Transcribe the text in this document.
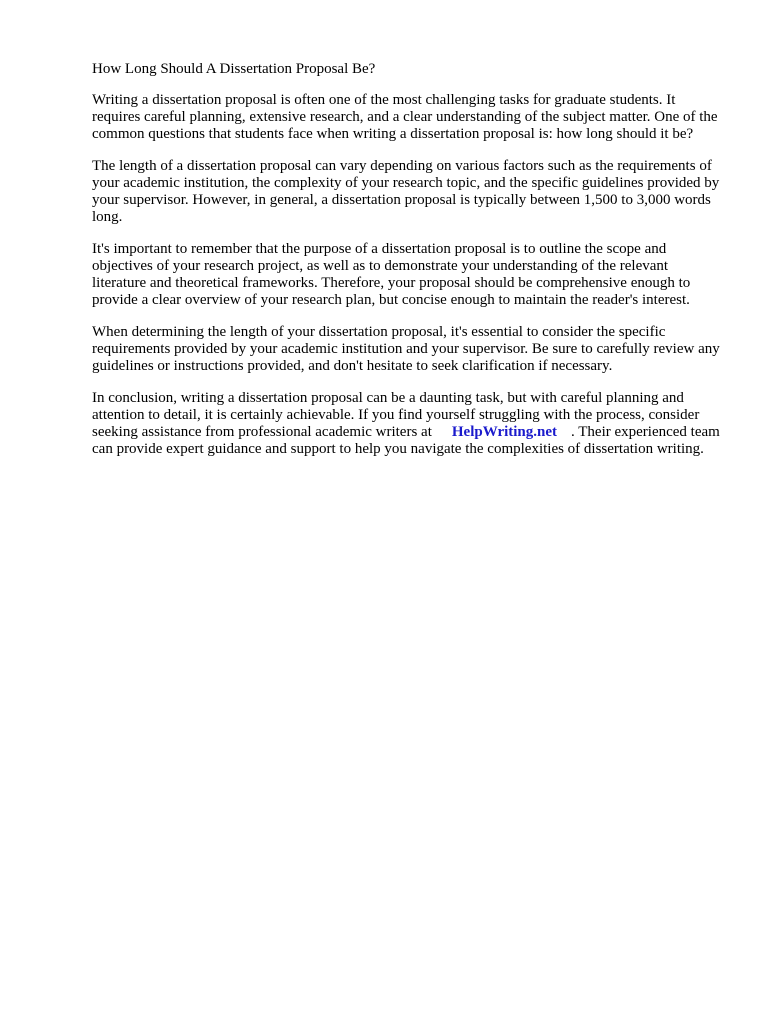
How Long Should A Dissertation Proposal Be?

Writing a dissertation proposal is often one of the most challenging tasks for graduate students. It requires careful planning, extensive research, and a clear understanding of the subject matter. One of the common questions that students face when writing a dissertation proposal is: how long should it be?

The length of a dissertation proposal can vary depending on various factors such as the requirements of your academic institution, the complexity of your research topic, and the specific guidelines provided by your supervisor. However, in general, a dissertation proposal is typically between 1,500 to 3,000 words long.

It's important to remember that the purpose of a dissertation proposal is to outline the scope and objectives of your research project, as well as to demonstrate your understanding of the relevant literature and theoretical frameworks. Therefore, your proposal should be comprehensive enough to provide a clear overview of your research plan, but concise enough to maintain the reader's interest.

When determining the length of your dissertation proposal, it's essential to consider the specific requirements provided by your academic institution and your supervisor. Be sure to carefully review any guidelines or instructions provided, and don't hesitate to seek clarification if necessary.

In conclusion, writing a dissertation proposal can be a daunting task, but with careful planning and attention to detail, it is certainly achievable. If you find yourself struggling with the process, consider seeking assistance from professional academic writers at HelpWriting.net . Their experienced team can provide expert guidance and support to help you navigate the complexities of dissertation writing.
